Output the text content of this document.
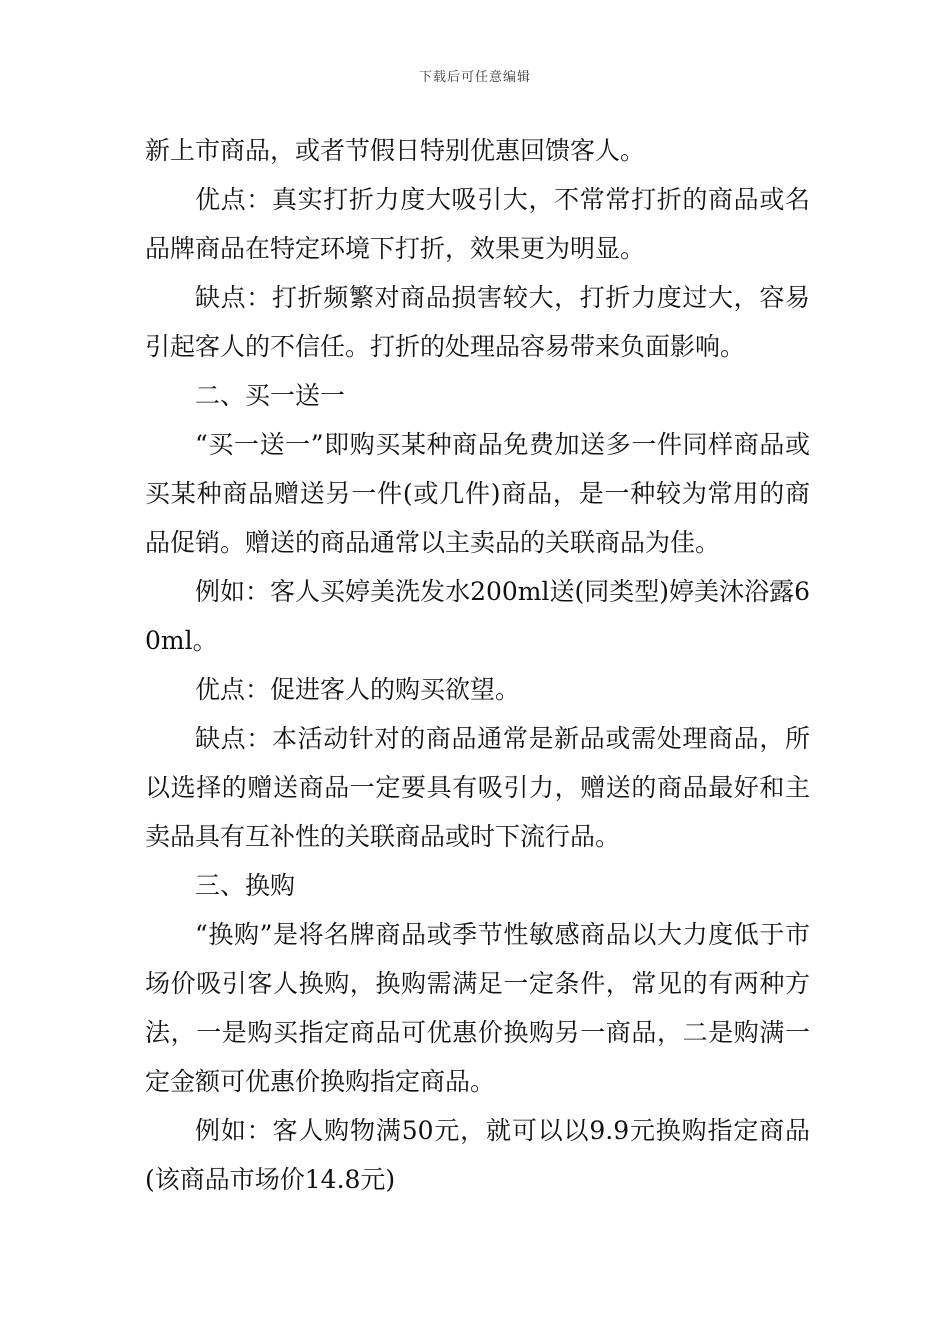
下载后可任意编辑

新上市商品，或者节假日特别优惠回馈客人。

优点：真实打折力度大吸引大，不常常打折的商品或名品牌商品在特定环境下打折，效果更为明显。

缺点：打折频繁对商品损害较大，打折力度过大，容易引起客人的不信任。打折的处理品容易带来负面影响。

二、买一送一

“买一送一”即购买某种商品免费加送多一件同样商品或买某种商品赠送另一件(或几件)商品，是一种较为常用的商品促销。赠送的商品通常以主卖品的关联商品为佳。

例如：客人买婷美洗发水200ml送(同类型)婷美沐浴露60ml。

优点：促进客人的购买欲望。

缺点：本活动针对的商品通常是新品或需处理商品，所以选择的赠送商品一定要具有吸引力，赠送的商品最好和主卖品具有互补性的关联商品或时下流行品。

三、换购

“换购”是将名牌商品或季节性敏感商品以大力度低于市场价吸引客人换购，换购需满足一定条件，常见的有两种方法，一是购买指定商品可优惠价换购另一商品，二是购满一定金额可优惠价换购指定商品。

例如：客人购物满50元，就可以以9.9元换购指定商品(该商品市场价14.8元)
